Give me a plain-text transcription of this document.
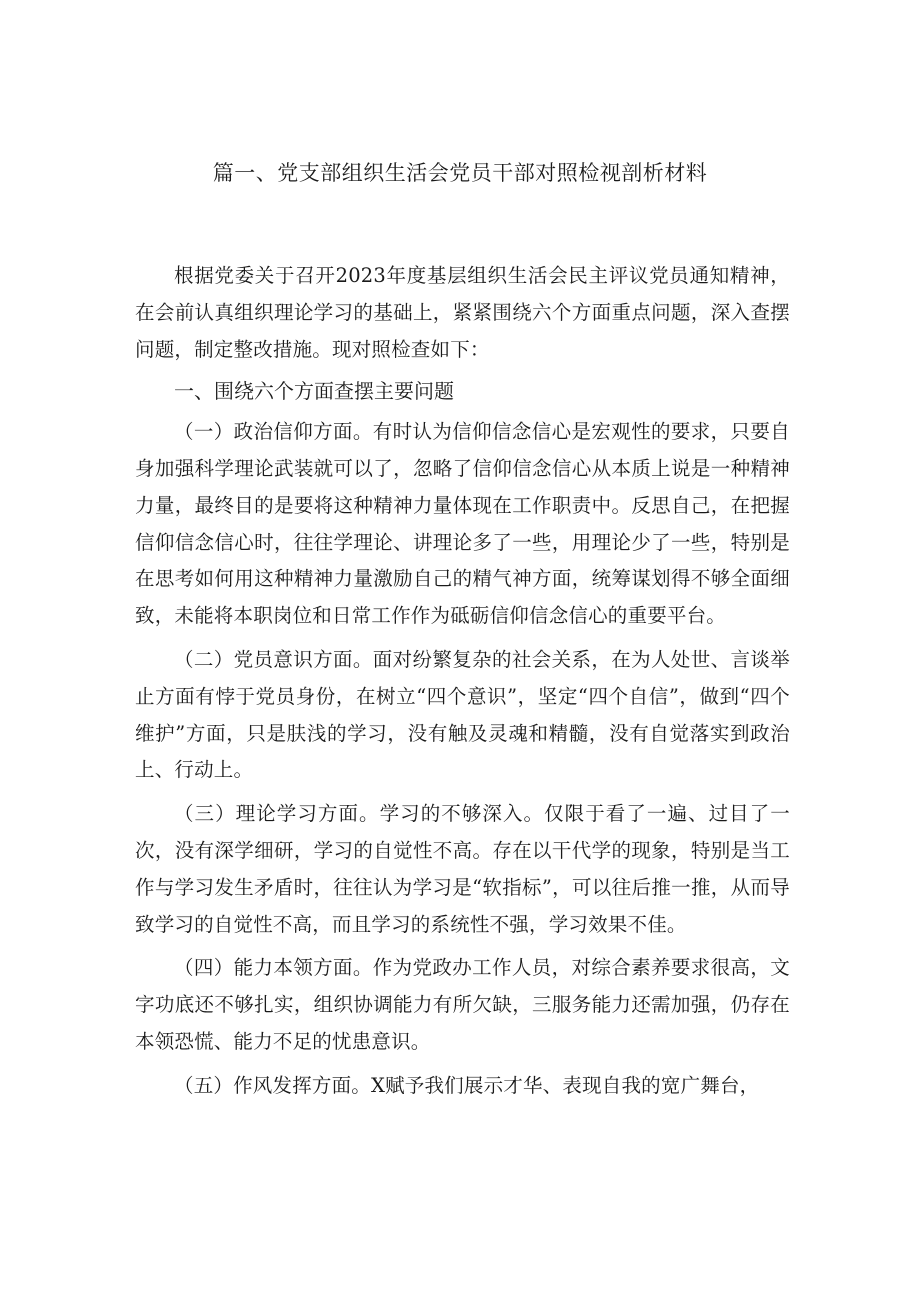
篇一、党支部组织生活会党员干部对照检视剖析材料

根据党委关于召开2023年度基层组织生活会民主评议党员通知精神，在会前认真组织理论学习的基础上，紧紧围绕六个方面重点问题，深入查摆问题，制定整改措施。现对照检查如下：

一、围绕六个方面查摆主要问题

（一）政治信仰方面。有时认为信仰信念信心是宏观性的要求，只要自身加强科学理论武装就可以了，忽略了信仰信念信心从本质上说是一种精神力量，最终目的是要将这种精神力量体现在工作职责中。反思自己，在把握信仰信念信心时，往往学理论、讲理论多了一些，用理论少了一些，特别是在思考如何用这种精神力量激励自己的精气神方面，统筹谋划得不够全面细致，未能将本职岗位和日常工作作为砥砺信仰信念信心的重要平台。

（二）党员意识方面。面对纷繁复杂的社会关系，在为人处世、言谈举止方面有悖于党员身份，在树立“四个意识”，坚定“四个自信”，做到“四个维护”方面，只是肤浅的学习，没有触及灵魂和精髓，没有自觉落实到政治上、行动上。

（三）理论学习方面。学习的不够深入。仅限于看了一遍、过目了一次，没有深学细研，学习的自觉性不高。存在以干代学的现象，特别是当工作与学习发生矛盾时，往往认为学习是“软指标”，可以往后推一推，从而导致学习的自觉性不高，而且学习的系统性不强，学习效果不佳。

（四）能力本领方面。作为党政办工作人员，对综合素养要求很高，文字功底还不够扎实，组织协调能力有所欠缺，三服务能力还需加强，仍存在本领恐慌、能力不足的忧患意识。

（五）作风发挥方面。X赋予我们展示才华、表现自我的宽广舞台，
